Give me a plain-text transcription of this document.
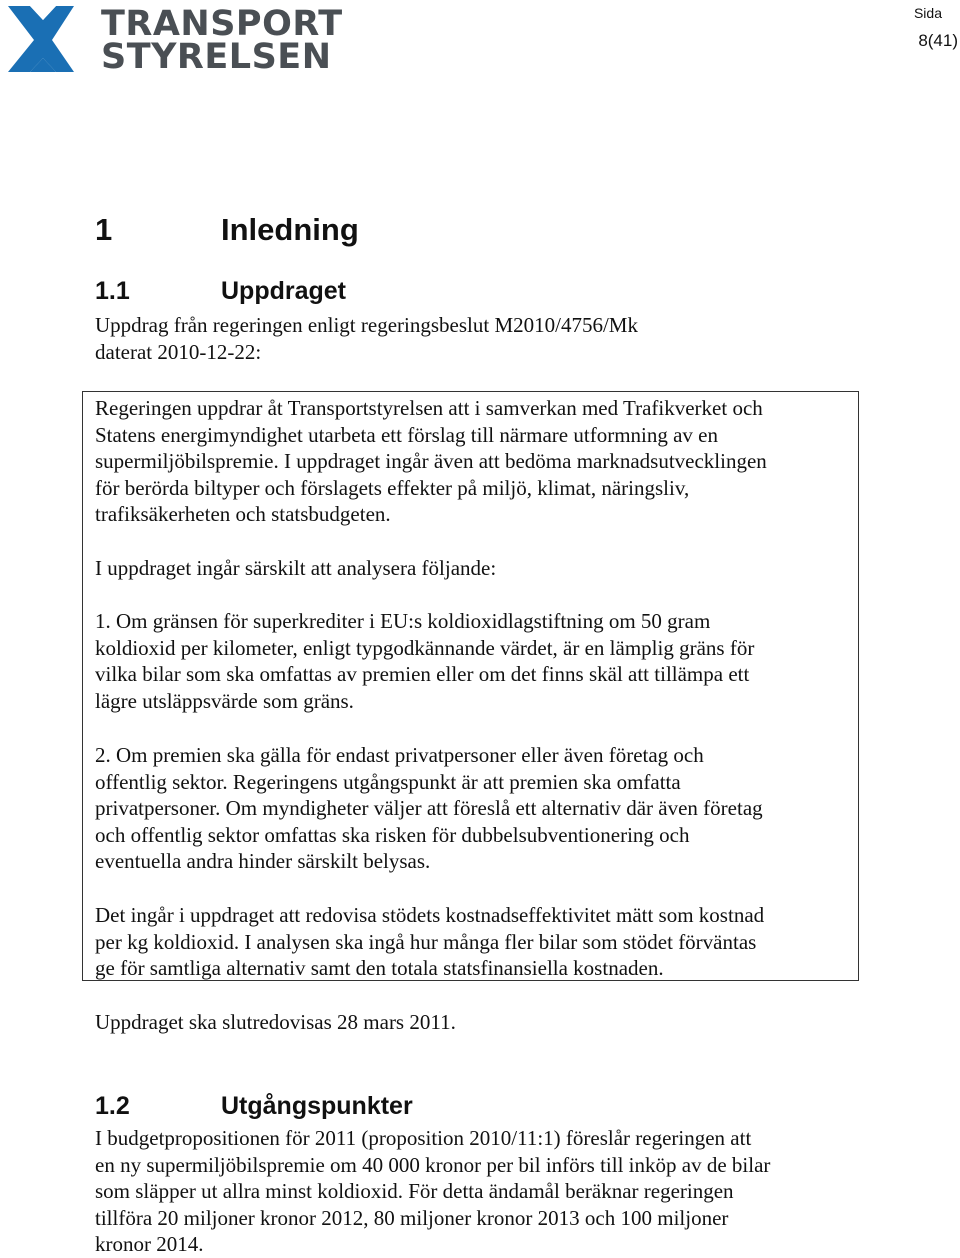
TRANSPORT
STYRELSEN
Sida
8(41)
1	Inledning
1.1	Uppdraget

Uppdrag från regeringen enligt regeringsbeslut M2010/4756/Mk
daterat 2010-12-22:

Regeringen uppdrar åt Transportstyrelsen att i samverkan med Trafikverket och
Statens energimyndighet utarbeta ett förslag till närmare utformning av en
supermiljöbilspremie. I uppdraget ingår även att bedöma marknadsutvecklingen
för berörda biltyper och förslagets effekter på miljö, klimat, näringsliv,
trafiksäkerheten och statsbudgeten.

I uppdraget ingår särskilt att analysera följande:

1. Om gränsen för superkrediter i EU:s koldioxidlagstiftning om 50 gram
koldioxid per kilometer, enligt typgodkännande värdet, är en lämplig gräns för
vilka bilar som ska omfattas av premien eller om det finns skäl att tillämpa ett
lägre utsläppsvärde som gräns.

2. Om premien ska gälla för endast privatpersoner eller även företag och
offentlig sektor. Regeringens utgångspunkt är att premien ska omfatta
privatpersoner. Om myndigheter väljer att föreslå ett alternativ där även företag
och offentlig sektor omfattas ska risken för dubbelsubventionering och
eventuella andra hinder särskilt belysas.

Det ingår i uppdraget att redovisa stödets kostnadseffektivitet mätt som kostnad
per kg koldioxid. I analysen ska ingå hur många fler bilar som stödet förväntas
ge för samtliga alternativ samt den totala statsfinansiella kostnaden.

Uppdraget ska slutredovisas 28 mars 2011.

1.2	Utgångspunkter

I budgetpropositionen för 2011 (proposition 2010/11:1) föreslår regeringen att
en ny supermiljöbilspremie om 40 000 kronor per bil införs till inköp av de bilar
som släpper ut allra minst koldioxid. För detta ändamål beräknar regeringen
tillföra 20 miljoner kronor 2012, 80 miljoner kronor 2013 och 100 miljoner
kronor 2014.
